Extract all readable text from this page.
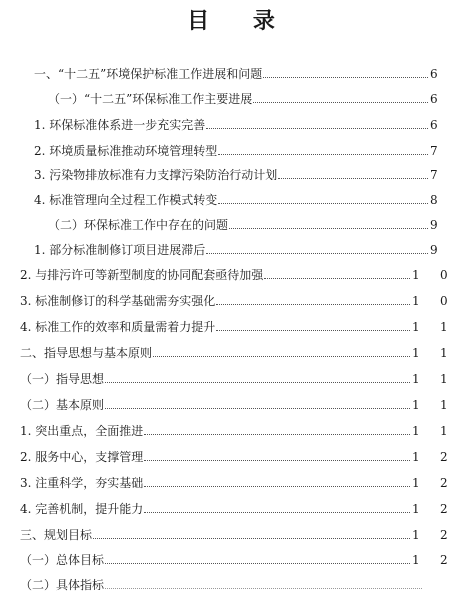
目 录
一、“十二五”环境保护标准工作进展和问题	6
（一）“十二五”环保标准工作主要进展	6
1. 环保标准体系进一步充实完善	6
2. 环境质量标准推动环境管理转型	7
3. 污染物排放标准有力支撑污染防治行动计划	7
4. 标准管理向全过程工作模式转变	8
（二）环保标准工作中存在的问题	9
1. 部分标准制修订项目进展滞后	9
2. 与排污许可等新型制度的协同配套亟待加强	1 0
3. 标准制修订的科学基础需夯实强化	1 0
4. 标准工作的效率和质量需着力提升	1 1
二、指导思想与基本原则	1 1
（一）指导思想	1 1
（二）基本原则	1 1
1. 突出重点，全面推进	1 1
2. 服务中心，支撑管理	1 2
3. 注重科学，夯实基础	1 2
4. 完善机制，提升能力	1 2
三、规划目标	1 2
（一）总体目标	1 2
（二）具体指标
